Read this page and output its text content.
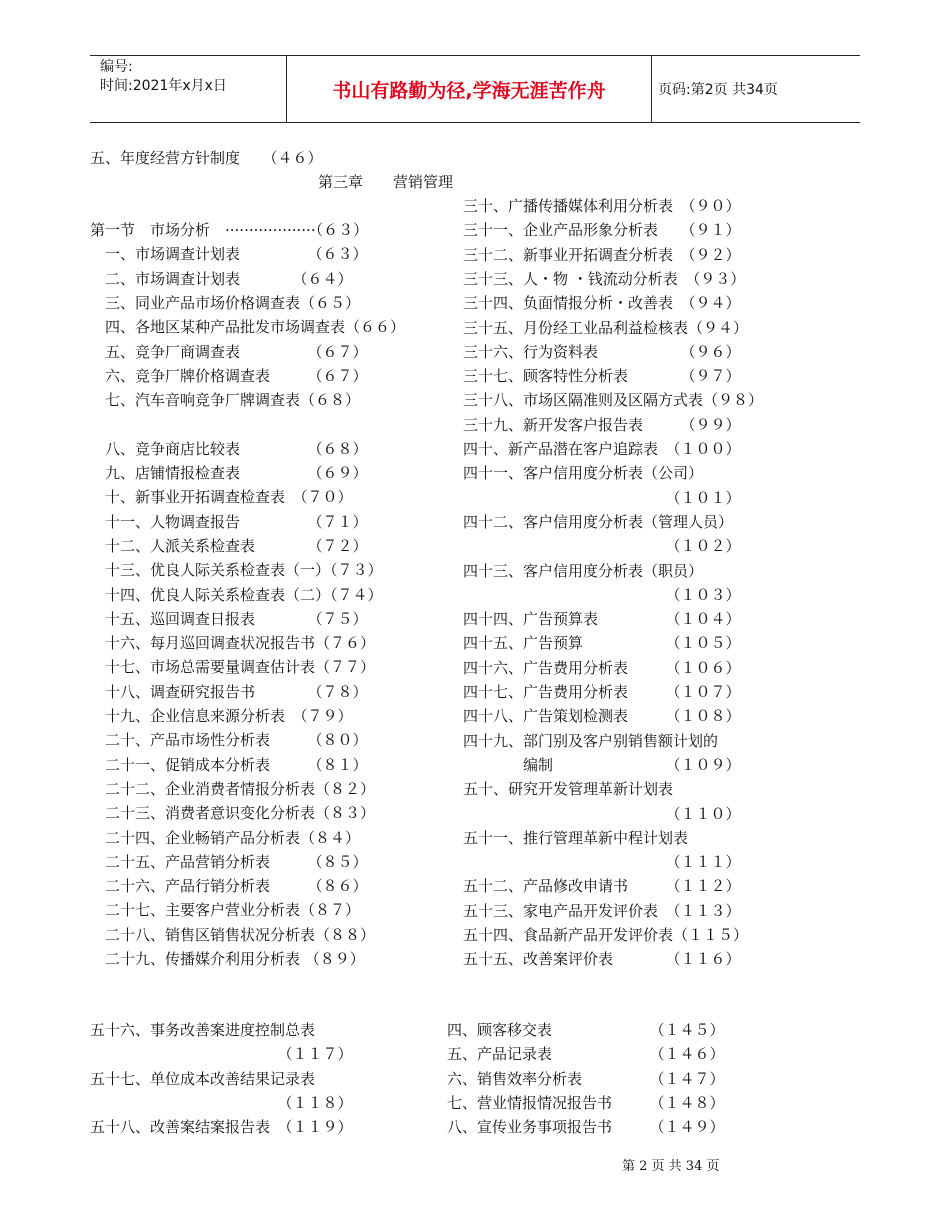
编号:
时间:2021年x月x日	书山有路勤为径,学海无涯苦作舟	页码:第2页 共34页
五、年度经营方针制度　　（４６）
第三章　　营销管理
第一节　市场分析　···················（６３）
　一、市场调查计划表　　　　　（６３）
　二、市场调查计划表　　　　（６４）
　三、同业产品市场价格调查表（６５）
　四、各地区某种产品批发市场调查表（６６）
　五、竞争厂商调查表　　　　　（６７）
　六、竞争厂牌价格调查表　　　（６７）
　七、汽车音响竞争厂牌调查表（６８）
　八、竞争商店比较表　　　　　（６８）
　九、店铺情报检查表　　　　　（６９）
　十、新事业开拓调查检查表　（７０）
　十一、人物调查报告　　　　　（７１）
　十二、人派关系检查表　　　　（７２）
　十三、优良人际关系检查表（一）（７３）
　十四、优良人际关系检查表（二）（７４）
　十五、巡回调查日报表　　　　（７５）
　十六、每月巡回调查状况报告书（７６）
　十七、市场总需要量调查估计表（７７）
　十八、调查研究报告书　　　　（７８）
　十九、企业信息来源分析表　（７９）
　二十、产品市场性分析表　　　（８０）
　二十一、促销成本分析表　　　（８１）
　二十二、企业消费者情报分析表（８２）
　二十三、消费者意识变化分析表（８３）
　二十四、企业畅销产品分析表（８４）
　二十五、产品营销分析表　　　（８５）
　二十六、产品行销分析表　　　（８６）
　二十七、主要客户营业分析表（８７）
　二十八、销售区销售状况分析表（８８）
　二十九、传播媒介利用分析表 （８９）
三十、广播传播媒体利用分析表　（９０）
三十一、企业产品形象分析表　　（９１）
三十二、新事业开拓调查分析表　（９２）
三十三、人・物 ・钱流动分析表　（９３）
三十四、负面情报分析・改善表　（９４）
三十五、月份经工业品利益检核表（９４）
三十六、行为资料表　　　　　　（９６）
三十七、顾客特性分析表　　　　（９７）
三十八、市场区隔准则及区隔方式表（９８）
三十九、新开发客户报告表　　　（９９）
四十、新产品潜在客户追踪表　（１００）
四十一、客户信用度分析表（公司）
　　　　　　　　　　　　　　（１０１）
四十二、客户信用度分析表（管理人员）
　　　　　　　　　　　　　　（１０２）
四十三、客户信用度分析表（职员）
　　　　　　　　　　　　　　（１０３）
四十四、广告预算表　　　　　（１０４）
四十五、广告预算　　　　　　（１０５）
四十六、广告费用分析表　　　（１０６）
四十七、广告费用分析表　　　（１０７）
四十八、广告策划检测表　　　（１０８）
四十九、部门别及客户别销售额计划的
　　　　编制　　　　　　　　（１０９）
五十、研究开发管理革新计划表
　　　　　　　　　　　　　　（１１０）
五十一、推行管理革新中程计划表
　　　　　　　　　　　　　　（１１１）
五十二、产品修改申请书　　　（１１２）
五十三、家电产品开发评价表　（１１３）
五十四、食品新产品开发评价表（１１５）
五十五、改善案评价表　　　　（１１６）
五十六、事务改善案进度控制总表
　　　　　　　　　　　　　（１１７）
五十七、单位成本改善结果记录表
　　　　　　　　　　　　　（１１８）
五十八、改善案结案报告表　（１１９）
四、顾客移交表　　　　　　　（１４５）
五、产品记录表　　　　　　　（１４６）
六、销售效率分析表　　　　　（１４７）
七、营业情报情况报告书　　　（１４８）
八、宣传业务事项报告书　　　（１４９）
第 2 页 共 34 页
